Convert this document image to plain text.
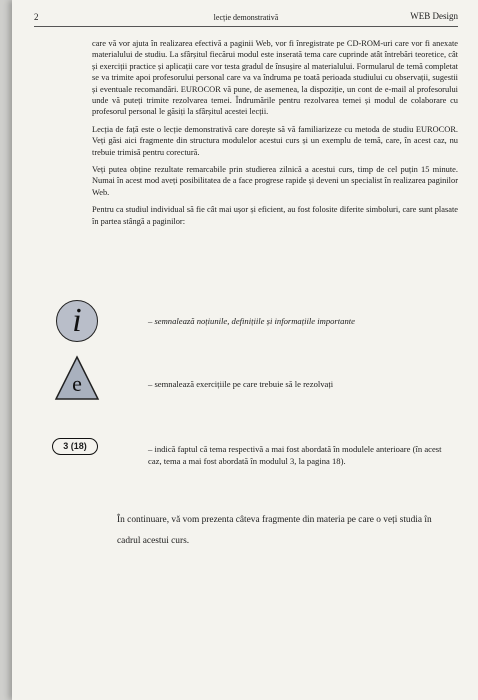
2	lecție demonstrativă	WEB Design

care vă vor ajuta în realizarea efectivă a paginii Web, vor fi înregistrate pe CD-ROM-uri care vor fi anexate materialului de studiu. La sfârșitul fiecărui modul este inserată tema care cuprinde atât întrebări teoretice, cât și exerciții practice și aplicații care vor testa gradul de însușire al materialului. Formularul de temă completat se va trimite apoi profesorului personal care va va îndruma pe toată perioada studiului cu observații, sugestii și eventuale recomandări. EUROCOR vă pune, de asemenea, la dispoziție, un cont de e-mail al profesorului unde vă puteți trimite rezolvarea temei. Îndrumările pentru rezolvarea temei și modul de colaborare cu profesorul personal le găsiți la sfârșitul acestei lecții.

Lecția de față este o lecție demonstrativă care dorește să vă familiarizeze cu metoda de studiu EUROCOR. Veți găsi aici fragmente din structura modulelor acestui curs și un exemplu de temă, care, în acest caz, nu trebuie trimisă pentru corectură.

Veți putea obține rezultate remarcabile prin studierea zilnică a acestui curs, timp de cel puțin 15 minute. Numai în acest mod aveți posibilitatea de a face progrese rapide și deveni un specialist în realizarea paginilor Web.

Pentru ca studiul individual să fie cât mai ușor și eficient, au fost folosite diferite simboluri, care sunt plasate în partea stângă a paginilor:

i	– semnalează noțiunile, definițiile și informațiile importante
e	– semnalează exercițiile pe care trebuie să le rezolvați
3 (18)	– indică faptul că tema respectivă a mai fost abordată în modulele anterioare (în acest caz, tema a mai fost abordată în modulul 3, la pagina 18).
În continuare, vă vom prezenta câteva fragmente din materia pe care o veți studia în cadrul acestui curs.
